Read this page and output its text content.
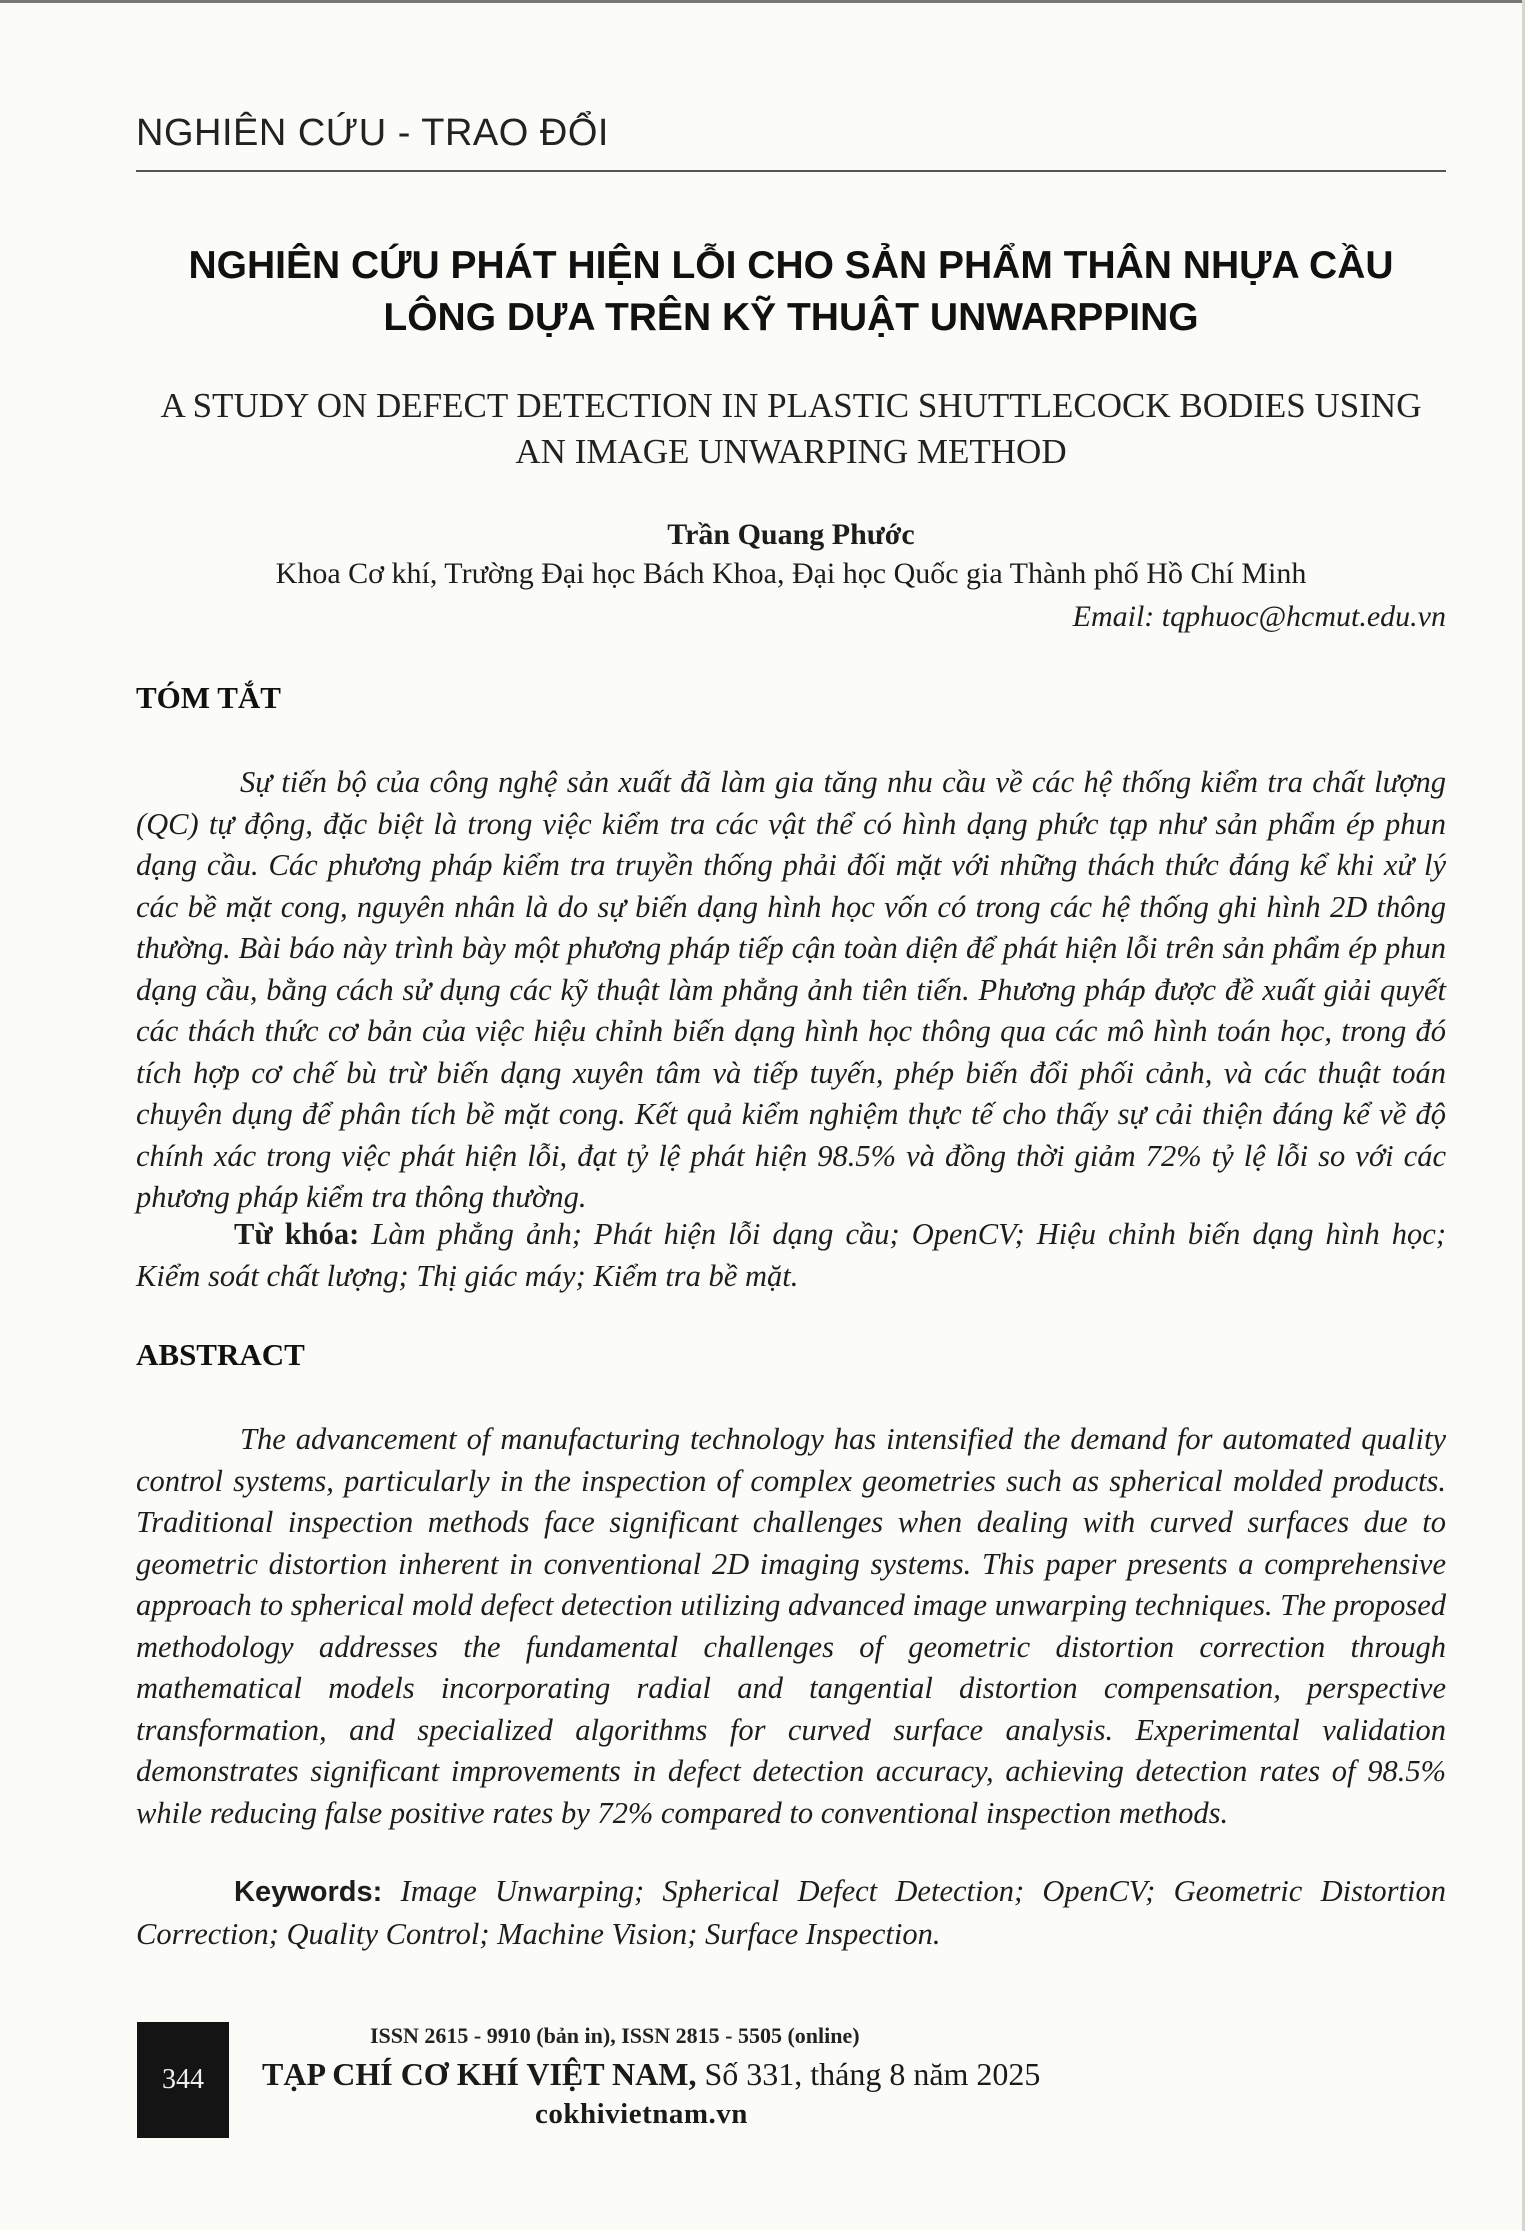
NGHIÊN CỨU - TRAO ĐỔI
NGHIÊN CỨU PHÁT HIỆN LỖI CHO SẢN PHẨM THÂN NHỰA CẦU LÔNG DỰA TRÊN KỸ THUẬT UNWARPPING
A STUDY ON DEFECT DETECTION IN PLASTIC SHUTTLECOCK BODIES USING AN IMAGE UNWARPING METHOD
Trần Quang Phước
Khoa Cơ khí, Trường Đại học Bách Khoa, Đại học Quốc gia Thành phố Hồ Chí Minh
Email: tqphuoc@hcmut.edu.vn
TÓM TẮT

Sự tiến bộ của công nghệ sản xuất đã làm gia tăng nhu cầu về các hệ thống kiểm tra chất lượng (QC) tự động, đặc biệt là trong việc kiểm tra các vật thể có hình dạng phức tạp như sản phẩm ép phun dạng cầu. Các phương pháp kiểm tra truyền thống phải đối mặt với những thách thức đáng kể khi xử lý các bề mặt cong, nguyên nhân là do sự biến dạng hình học vốn có trong các hệ thống ghi hình 2D thông thường. Bài báo này trình bày một phương pháp tiếp cận toàn diện để phát hiện lỗi trên sản phẩm ép phun dạng cầu, bằng cách sử dụng các kỹ thuật làm phẳng ảnh tiên tiến. Phương pháp được đề xuất giải quyết các thách thức cơ bản của việc hiệu chỉnh biến dạng hình học thông qua các mô hình toán học, trong đó tích hợp cơ chế bù trừ biến dạng xuyên tâm và tiếp tuyến, phép biến đổi phối cảnh, và các thuật toán chuyên dụng để phân tích bề mặt cong. Kết quả kiểm nghiệm thực tế cho thấy sự cải thiện đáng kể về độ chính xác trong việc phát hiện lỗi, đạt tỷ lệ phát hiện 98.5% và đồng thời giảm 72% tỷ lệ lỗi so với các phương pháp kiểm tra thông thường.

Từ khóa: Làm phẳng ảnh; Phát hiện lỗi dạng cầu; OpenCV; Hiệu chỉnh biến dạng hình học; Kiểm soát chất lượng; Thị giác máy; Kiểm tra bề mặt.

ABSTRACT

The advancement of manufacturing technology has intensified the demand for automated quality control systems, particularly in the inspection of complex geometries such as spherical molded products. Traditional inspection methods face significant challenges when dealing with curved surfaces due to geometric distortion inherent in conventional 2D imaging systems. This paper presents a comprehensive approach to spherical mold defect detection utilizing advanced image unwarping techniques. The proposed methodology addresses the fundamental challenges of geometric distortion correction through mathematical models incorporating radial and tangential distortion compensation, perspective transformation, and specialized algorithms for curved surface analysis. Experimental validation demonstrates significant improvements in defect detection accuracy, achieving detection rates of 98.5% while reducing false positive rates by 72% compared to conventional inspection methods.

Keywords: Image Unwarping; Spherical Defect Detection; OpenCV; Geometric Distortion Correction; Quality Control; Machine Vision; Surface Inspection.

344
ISSN 2615 - 9910 (bản in), ISSN 2815 - 5505 (online)
TẠP CHÍ CƠ KHÍ VIỆT NAM, Số 331, tháng 8 năm 2025
cokhivietnam.vn
